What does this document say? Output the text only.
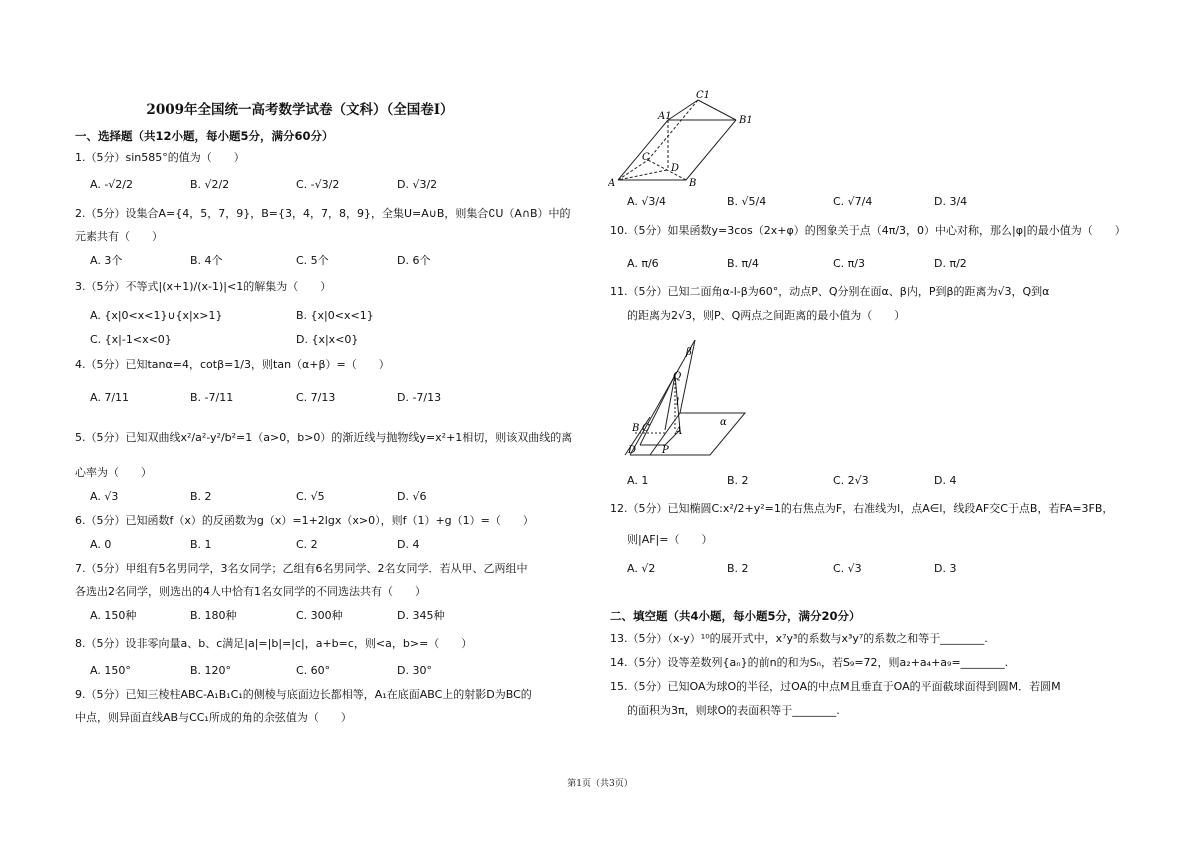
2009年全国统一高考数学试卷（文科）（全国卷Ⅰ）
一、选择题（共12小题，每小题5分，满分60分）
1.（5分）sin585°的值为（　　）
A. -√2/2	B. √2/2	C. -√3/2	D. √3/2
2.（5分）设集合A={4，5，7，9}，B={3，4，7，8，9}，全集U=A∪B，则集合∁U（A∩B）中的
元素共有（　　）
A. 3个	B. 4个	C. 5个	D. 6个
3.（5分）不等式|(x+1)/(x-1)|<1的解集为（　　）
A. {x|0<x<1}∪{x|x>1}	B. {x|0<x<1}
C. {x|-1<x<0}	D. {x|x<0}
4.（5分）已知tanα=4，cotβ=1/3，则tan（α+β）=（　　）
A. 7/11	B. -7/11	C. 7/13	D. -7/13
5.（5分）已知双曲线x²/a²-y²/b²=1（a>0，b>0）的渐近线与抛物线y=x²+1相切，则该双曲线的离
心率为（　　）
A. √3	B. 2	C. √5	D. √6
6.（5分）已知函数f（x）的反函数为g（x）=1+2lgx（x>0），则f（1）+g（1）=（　　）
A. 0	B. 1	C. 2	D. 4
7.（5分）甲组有5名男同学，3名女同学；乙组有6名男同学、2名女同学．若从甲、乙两组中
各选出2名同学，则选出的4人中恰有1名女同学的不同选法共有（　　）
A. 150种	B. 180种	C. 300种	D. 345种
8.（5分）设非零向量a、b、c满足|a|=|b|=|c|，a+b=c，则<a，b>=（　　）
A. 150°	B. 120°	C. 60°	D. 30°
9.（5分）已知三棱柱ABC-A₁B₁C₁的侧棱与底面边长都相等，A₁在底面ABC上的射影D为BC的
中点，则异面直线AB与CC₁所成的角的余弦值为（　　）
C1
A1	B1
C
D
A	B
A. √3/4	B. √5/4	C. √7/4	D. 3/4
10.（5分）如果函数y=3cos（2x+φ）的图象关于点（4π/3，0）中心对称，那么|φ|的最小值为（　　）
A. π/6	B. π/4	C. π/3	D. π/2
11.（5分）已知二面角α-l-β为60°，动点P、Q分别在面α、β内，P到β的距离为√3，Q到α
的距离为2√3，则P、Q两点之间距离的最小值为（　　）
β
Q
l
B C	A
D	P
α
A. 1	B. 2	C. 2√3	D. 4
12.（5分）已知椭圆C:x²/2+y²=1的右焦点为F，右准线为l，点A∈l，线段AF交C于点B，若FA=3FB，
则|AF|=（　　）
A. √2	B. 2	C. √3	D. 3
二、填空题（共4小题，每小题5分，满分20分）
13.（5分）（x-y）¹⁰的展开式中，x⁷y³的系数与x³y⁷的系数之和等于________.
14.（5分）设等差数列{aₙ}的前n的和为Sₙ，若S₉=72，则a₂+a₄+a₉=________.
15.（5分）已知OA为球O的半径，过OA的中点M且垂直于OA的平面截球面得到圆M．若圆M
的面积为3π，则球O的表面积等于________.
第1页（共3页）
